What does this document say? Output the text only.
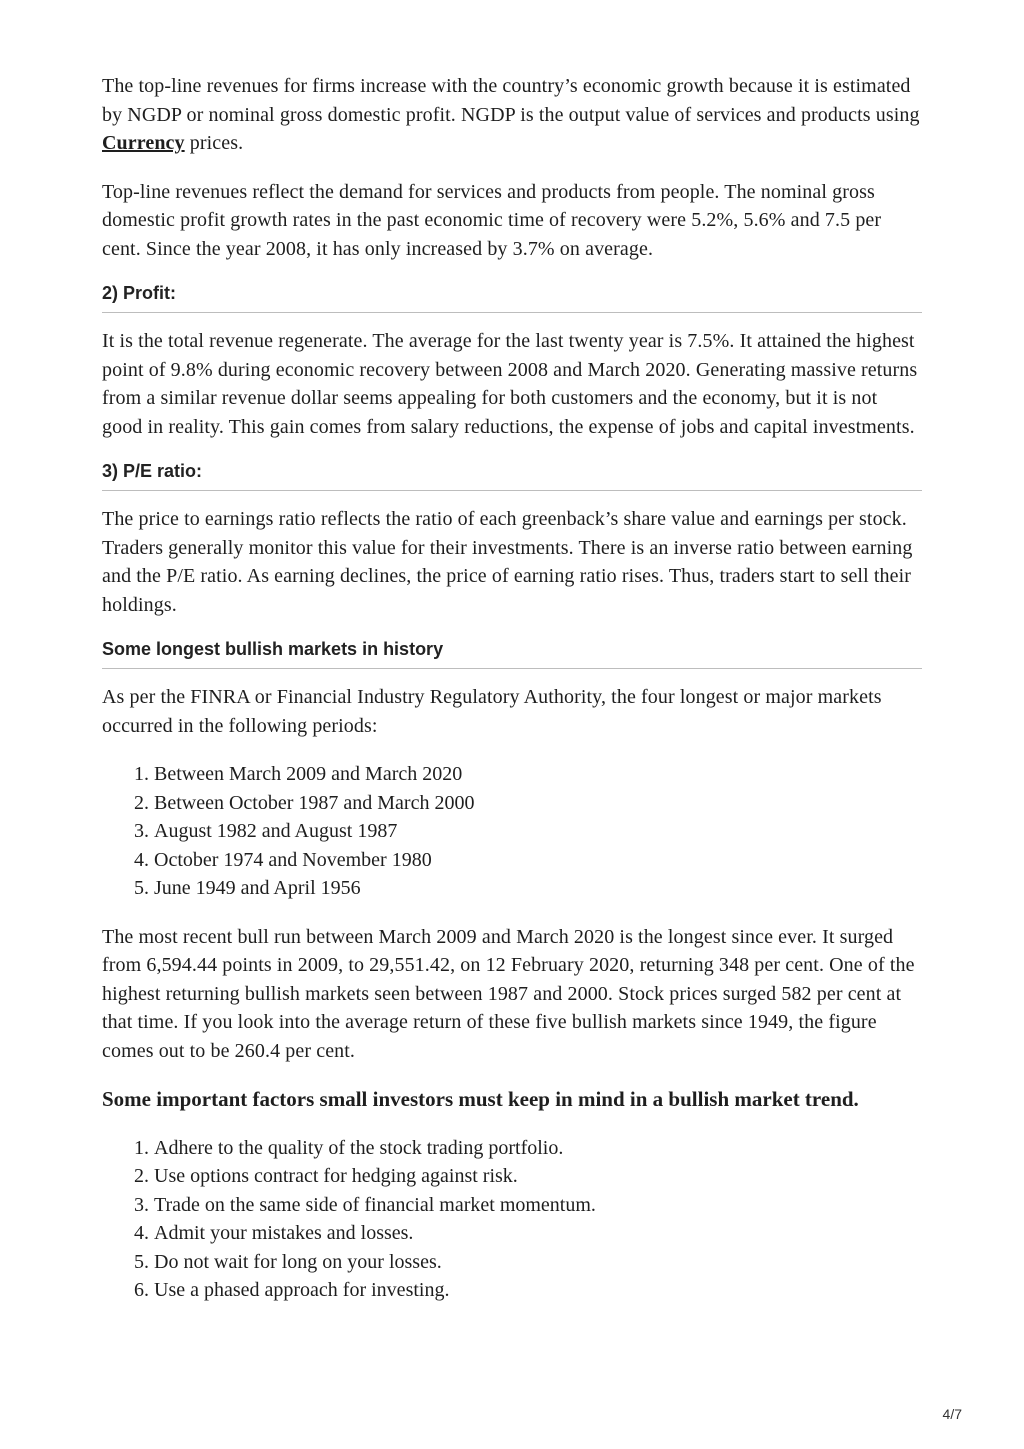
The top-line revenues for firms increase with the country’s economic growth because it is estimated by NGDP or nominal gross domestic profit. NGDP is the output value of services and products using Currency prices.

Top-line revenues reflect the demand for services and products from people. The nominal gross domestic profit growth rates in the past economic time of recovery were 5.2%, 5.6% and 7.5 per cent. Since the year 2008, it has only increased by 3.7% on average.

2) Profit:

It is the total revenue regenerate. The average for the last twenty year is 7.5%. It attained the highest point of 9.8% during economic recovery between 2008 and March 2020. Generating massive returns from a similar revenue dollar seems appealing for both customers and the economy, but it is not good in reality. This gain comes from salary reductions, the expense of jobs and capital investments.

3) P/E ratio:

The price to earnings ratio reflects the ratio of each greenback’s share value and earnings per stock. Traders generally monitor this value for their investments. There is an inverse ratio between earning and the P/E ratio. As earning declines, the price of earning ratio rises. Thus, traders start to sell their holdings.

Some longest bullish markets in history

As per the FINRA or Financial Industry Regulatory Authority, the four longest or major markets occurred in the following periods:

1. Between March 2009 and March 2020
2. Between October 1987 and March 2000
3. August 1982 and August 1987
4. October 1974 and November 1980
5. June 1949 and April 1956

The most recent bull run between March 2009 and March 2020 is the longest since ever. It surged from 6,594.44 points in 2009, to 29,551.42, on 12 February 2020, returning 348 per cent. One of the highest returning bullish markets seen between 1987 and 2000. Stock prices surged 582 per cent at that time. If you look into the average return of these five bullish markets since 1949, the figure comes out to be 260.4 per cent.

Some important factors small investors must keep in mind in a bullish market trend.
1. Adhere to the quality of the stock trading portfolio.
2. Use options contract for hedging against risk.
3. Trade on the same side of financial market momentum.
4. Admit your mistakes and losses.
5. Do not wait for long on your losses.
6. Use a phased approach for investing.
4/7
